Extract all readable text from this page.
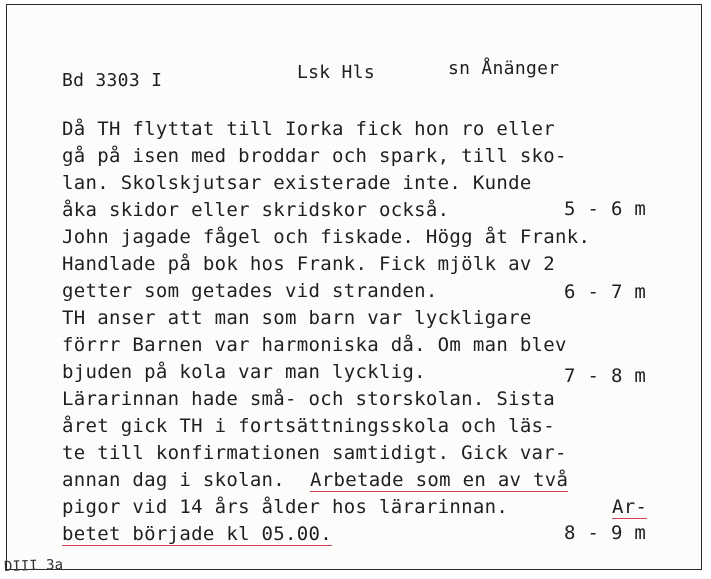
Bd 3303 I	Lsk Hls	sn Ånänger
Då TH flyttat till Iorka fick hon ro eller
gå på isen med broddar och spark, till sko-
lan. Skolskjutsar existerade inte. Kunde
åka skidor eller skridskor också.	5 - 6 m
John jagade fågel och fiskade. Högg åt Frank.
Handlade på bok hos Frank. Fick mjölk av 2
getter som getades vid stranden.	6 - 7 m
TH anser att man som barn var lyckligare
förrr Barnen var harmoniska då. Om man blev
bjuden på kola var man lycklig.	7 - 8 m
Lärarinnan hade små- och storskolan. Sista
året gick TH i fortsättningsskola och läs-
te till konfirmationen samtidigt. Gick var-
annan dag i skolan. Arbetade som en av två
pigor vid 14 års ålder hos lärarinnan.	Ar-
betet började kl 05.00.	8 - 9 m
DIII 3a
